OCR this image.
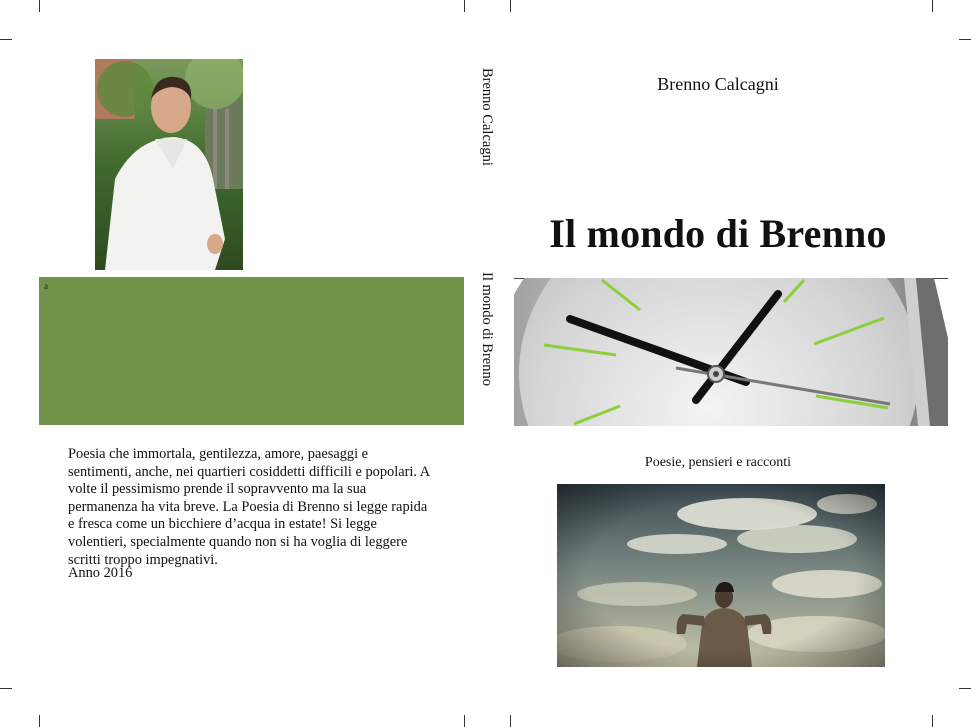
a

Poesia che immortala, gentilezza, amore, paesaggi e sentimenti, anche, nei quartieri cosiddetti difficili e popolari. A volte il pessimismo prende il sopravvento ma la sua permanenza ha vita breve. La Poesia di Brenno si legge rapida e fresca come un bicchiere d’acqua in estate! Si legge volentieri, specialmente quando non si ha voglia di leggere scritti troppo impegnativi.

Anno 2016

Brenno Calcagni
Il mondo di Brenno

Brenno Calcagni

Il mondo di Brenno

Poesie, pensieri e racconti
